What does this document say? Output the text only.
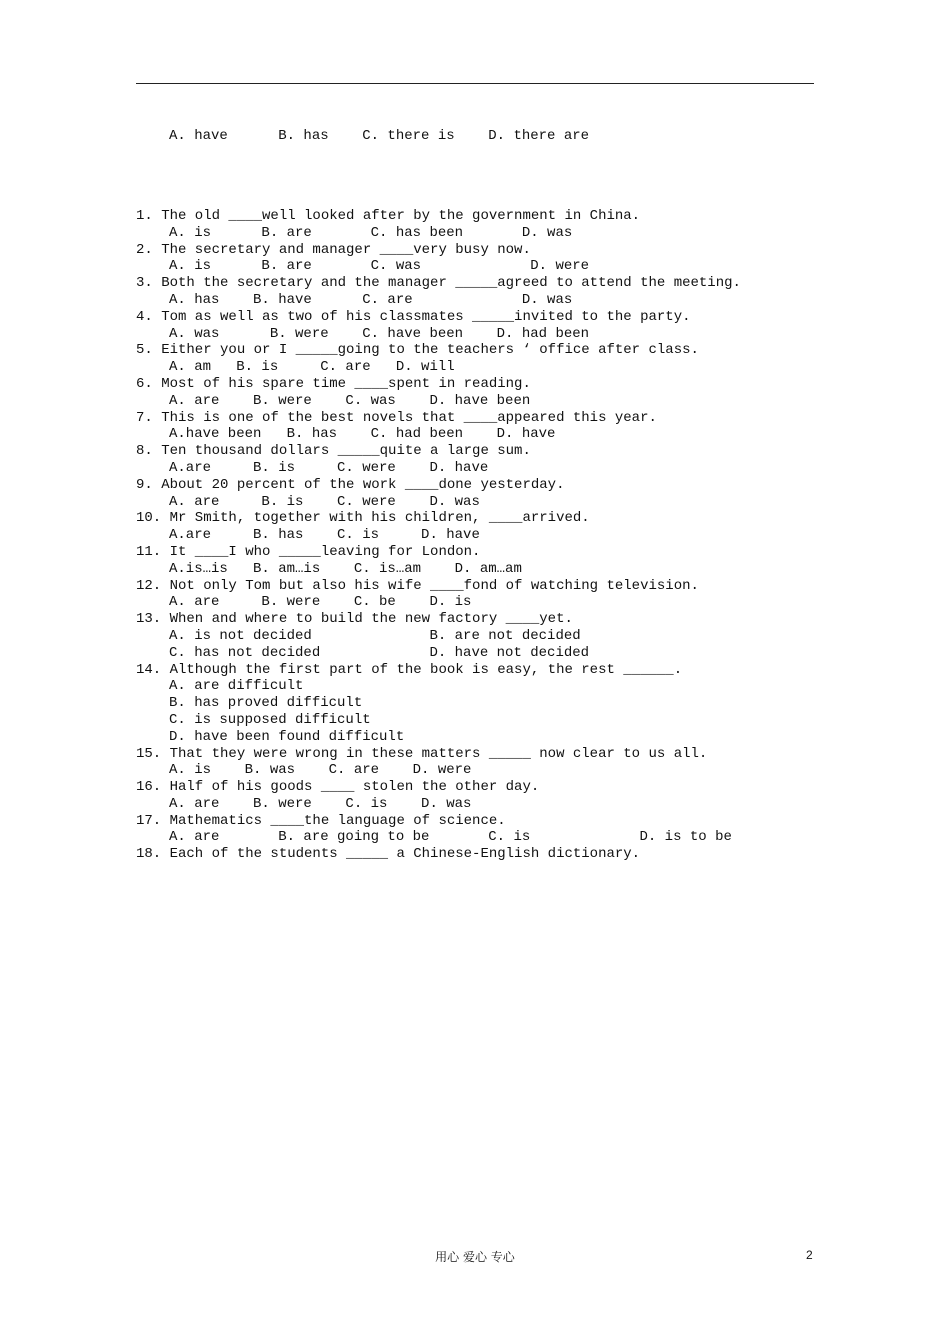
A. have      B. has    C. there is    D. there are
1. The old ____well looked after by the government in China.
A. is      B. are       C. has been       D. was
2. The secretary and manager ____very busy now.
A. is      B. are       C. was             D. were
3. Both the secretary and the manager _____agreed to attend the meeting.
A. has    B. have      C. are             D. was
4. Tom as well as two of his classmates _____invited to the party.
A. was      B. were    C. have been    D. had been
5. Either you or I _____going to the teachers ‘ office after class.
A. am   B. is     C. are   D. will
6. Most of his spare time ____spent in reading.
A. are    B. were    C. was    D. have been
7. This is one of the best novels that ____appeared this year.
A.have been   B. has    C. had been    D. have
8. Ten thousand dollars _____quite a large sum.
A.are     B. is     C. were    D. have
9. About 20 percent of the work ____done yesterday.
A. are     B. is    C. were    D. was
10. Mr Smith, together with his children, ____arrived.
A.are     B. has    C. is     D. have
11. It ____I who _____leaving for London.
A.is…is   B. am…is    C. is…am    D. am…am
12. Not only Tom but also his wife ____fond of watching television.
A. are     B. were    C. be    D. is
13. When and where to build the new factory ____yet.
A. is not decided              B. are not decided
C. has not decided             D. have not decided
14. Although the first part of the book is easy, the rest ______.
A. are difficult
B. has proved difficult
C. is supposed difficult
D. have been found difficult
15. That they were wrong in these matters _____ now clear to us all.
A. is    B. was    C. are    D. were
16. Half of his goods ____ stolen the other day.
A. are    B. were    C. is    D. was
17. Mathematics ____the language of science.
A. are       B. are going to be       C. is             D. is to be
18. Each of the students _____ a Chinese-English dictionary.
用心 爱心 专心	2
